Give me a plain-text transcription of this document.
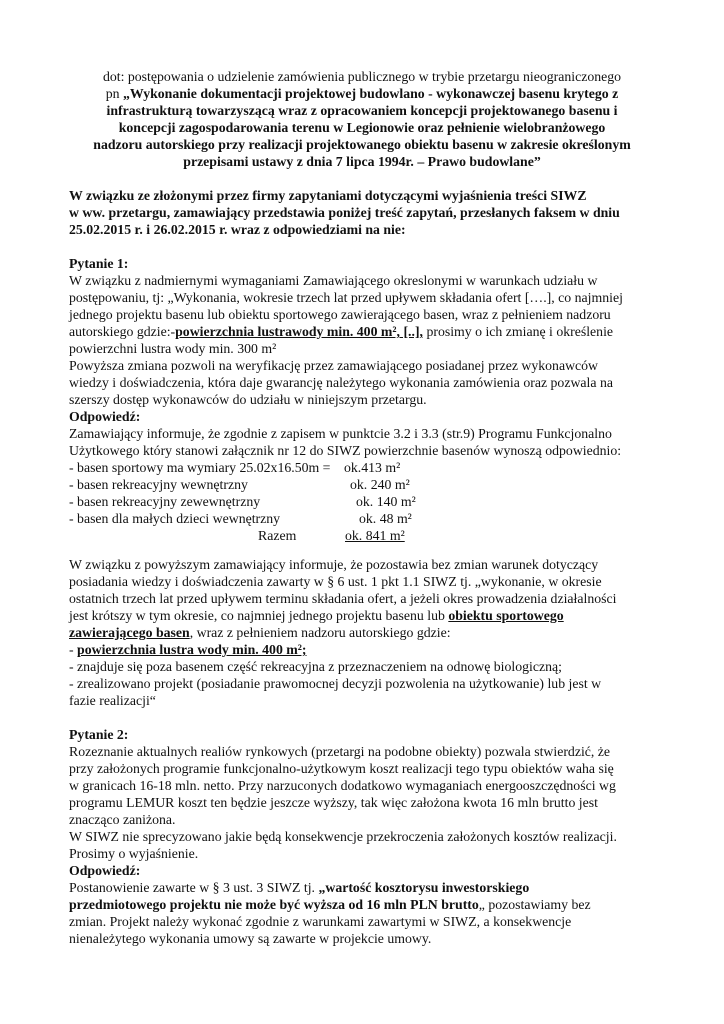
dot: postępowania o udzielenie zamówienia publicznego w trybie przetargu nieograniczonego

pn „Wykonanie dokumentacji projektowej budowlano - wykonawczej basenu krytego z

infrastrukturą towarzyszącą wraz z opracowaniem koncepcji projektowanego basenu i

koncepcji zagospodarowania terenu w Legionowie oraz pełnienie wielobranżowego

nadzoru autorskiego przy realizacji projektowanego obiektu basenu w zakresie określonym

przepisami ustawy z dnia 7 lipca 1994r. – Prawo budowlane”

W związku ze złożonymi przez firmy zapytaniami dotyczącymi wyjaśnienia treści SIWZ

w ww. przetargu, zamawiający przedstawia poniżej treść zapytań, przesłanych faksem w dniu

25.02.2015 r. i 26.02.2015 r. wraz z odpowiedziami na nie:

Pytanie 1:

W związku z nadmiernymi wymaganiami Zamawiającego okreslonymi w warunkach udziału w

postępowaniu, tj: „Wykonania, wokresie trzech lat przed upływem składania ofert [….], co najmniej

jednego projektu basenu lub obiektu sportowego zawierającego basen, wraz z pełnieniem nadzoru

autorskiego gdzie:-powierzchnia lustrawody min. 400 m², [..], prosimy o ich zmianę i określenie

powierzchni lustra wody min. 300 m²

Powyższa zmiana pozwoli na weryfikację przez zamawiającego posiadanej przez wykonawców

wiedzy i doświadczenia, która daje gwarancję należytego wykonania zamówienia oraz pozwala na

szerszy dostęp wykonawców do udziału w niniejszym przetargu.

Odpowiedź:

Zamawiający informuje, że zgodnie z zapisem w punktcie 3.2 i 3.3 (str.9) Programu Funkcjonalno

Użytkowego który stanowi załącznik nr 12 do SIWZ powierzchnie basenów wynoszą odpowiednio:

- basen sportowy ma wymiary 25.02x16.50m = ok.413 m²
- basen rekreacyjny wewnętrzny	ok. 240 m²
- basen rekreacyjny zewewnętrzny	ok. 140 m²
- basen dla małych dzieci wewnętrzny	ok. 48 m²
Razem	ok. 841 m²

W związku z powyższym zamawiający informuje, że pozostawia bez zmian warunek dotyczący

posiadania wiedzy i doświadczenia zawarty w § 6 ust. 1 pkt 1.1 SIWZ tj. „wykonanie, w okresie

ostatnich trzech lat przed upływem terminu składania ofert, a jeżeli okres prowadzenia działalności

jest krótszy w tym okresie, co najmniej jednego projektu basenu lub obiektu sportowego

zawierającego basen, wraz z pełnieniem nadzoru autorskiego gdzie:

- powierzchnia lustra wody min. 400 m²;

- znajduje się poza basenem część rekreacyjna z przeznaczeniem na odnowę biologiczną;

- zrealizowano projekt (posiadanie prawomocnej decyzji pozwolenia na użytkowanie) lub jest w

fazie realizacji“

Pytanie 2:

Rozeznanie aktualnych realiów rynkowych (przetargi na podobne obiekty) pozwala stwierdzić, że

przy założonych programie funkcjonalno-użytkowym koszt realizacji tego typu obiektów waha się

w granicach 16-18 mln. netto. Przy narzuconych dodatkowo wymaganiach energooszczędności wg

programu LEMUR koszt ten będzie jeszcze wyższy, tak więc założona kwota 16 mln brutto jest

znacząco zaniżona.

W SIWZ nie sprecyzowano jakie będą konsekwencje przekroczenia założonych kosztów realizacji.

Prosimy o wyjaśnienie.

Odpowiedź:

Postanowienie zawarte w § 3 ust. 3 SIWZ tj. „wartość kosztorysu inwestorskiego

przedmiotowego projektu nie może być wyższa od 16 mln PLN brutto„ pozostawiamy bez

zmian. Projekt należy wykonać zgodnie z warunkami zawartymi w SIWZ, a konsekwencje

nienależytego wykonania umowy są zawarte w projekcie umowy.
